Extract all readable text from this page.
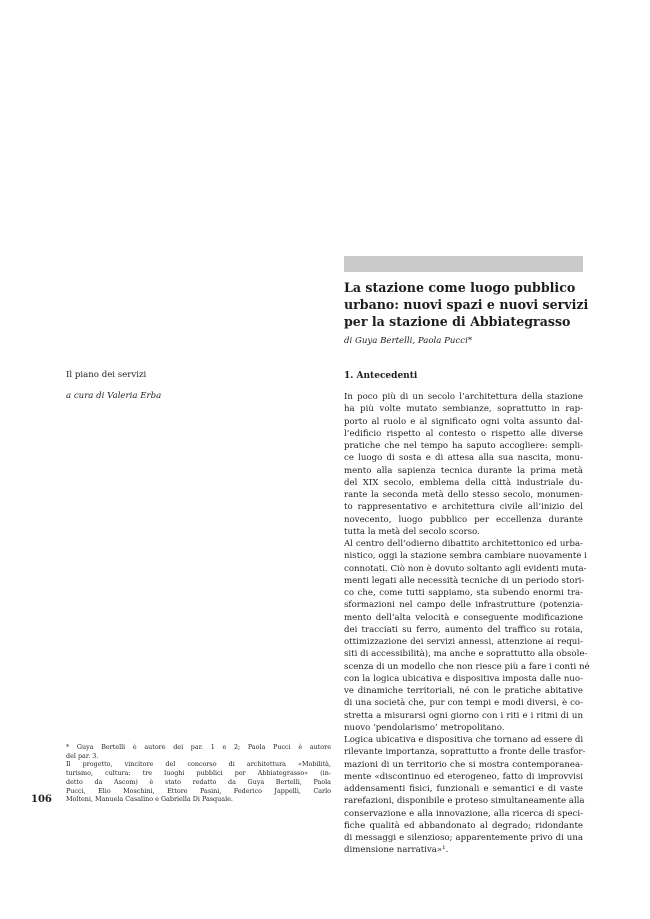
La stazione come luogo pubblico
urbano: nuovi spazi e nuovi servizi
per la stazione di Abbiategrasso
di Guya Bertelli, Paola Pucci*
Il piano dei servizi
a cura di Valeria Erba
1. Antecedenti
In poco più di un secolo l’architettura della stazione
ha più volte mutato sembianze, soprattutto in rap-
porto al ruolo e al significato ogni volta assunto dal-
l’edificio rispetto al contesto o rispetto alle diverse
pratiche che nel tempo ha saputo accogliere: sempli-
ce luogo di sosta e di attesa alla sua nascita, monu-
mento alla sapienza tecnica durante la prima metà
del XIX secolo, emblema della città industriale du-
rante la seconda metà dello stesso secolo, monumen-
to rappresentativo e architettura civile all’inizio del
novecento, luogo pubblico per eccellenza durante
tutta la metà del secolo scorso.
Al centro dell’odierno dibattito architettonico ed urba-
nistico, oggi la stazione sembra cambiare nuovamente i
connotati. Ciò non è dovuto soltanto agli evidenti muta-
menti legati alle necessità tecniche di un periodo stori-
co che, come tutti sappiamo, sta subendo enormi tra-
sformazioni nel campo delle infrastrutture (potenzia-
mento dell’alta velocità e conseguente modificazione
dei tracciati su ferro, aumento del traffico su rotaia,
ottimizzazione dei servizi annessi, attenzione ai requi-
siti di accessibilità), ma anche e soprattutto alla obsole-
scenza di un modello che non riesce più a fare i conti né
con la logica ubicativa e dispositiva imposta dalle nuo-
ve dinamiche territoriali, né con le pratiche abitative
di una società che, pur con tempi e modi diversi, è co-
stretta a misurarsi ogni giorno con i riti e i ritmi di un
nuovo ‘pendolarismo’ metropolitano.
Logica ubicativa e dispositiva che tornano ad essere di
rilevante importanza, soprattutto a fronte delle trasfor-
mazioni di un territorio che si mostra contemporanea-
mente «discontinuo ed eterogeneo, fatto di improvvisi
addensamenti fisici, funzionali e semantici e di vaste
rarefazioni, disponibile e proteso simultaneamente alla
conservazione e alla innovazione, alla ricerca di speci-
fiche qualità ed abbandonato al degrado; ridondante
di messaggi e silenzioso; apparentemente privo di una
dimensione narrativa»¹.
* Guya Bertelli è autore dei par. 1 e 2; Paola Pucci è autore
del par. 3.
Il progetto, vincitore del concorso di architettura «Mobilità,
turismo, cultura: tre luoghi pubblici per Abbiategrasso» (in-
detto da Ascom) è stato redatto da Guya Bertelli, Paola
Pucci, Elio Moschini, Ettore Pasini, Federico Jappelli, Carlo
Molteni, Manuela Casalino e Gabriella Di Pasquale.
106
